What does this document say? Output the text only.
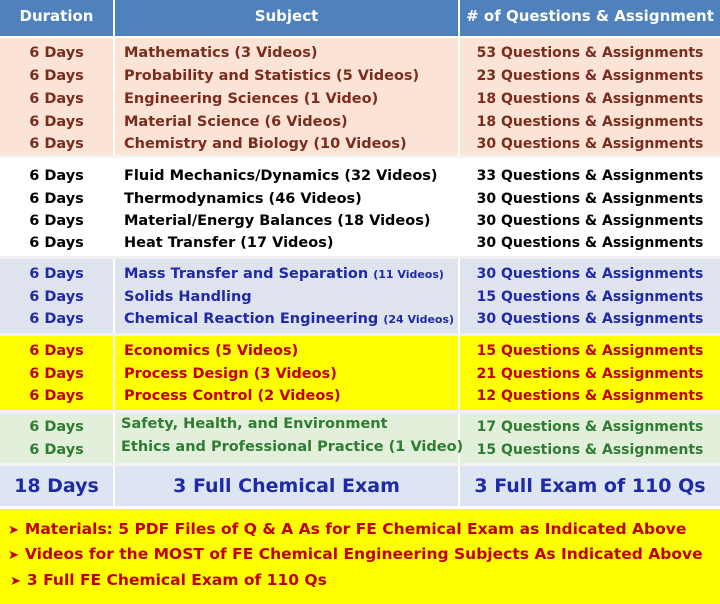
Duration	Subject	# of Questions & Assignment
6 Days	Mathematics (3 Videos)	53 Questions & Assignments
6 Days	Probability and Statistics (5 Videos)	23 Questions & Assignments
6 Days	Engineering Sciences (1 Video)	18 Questions & Assignments
6 Days	Material Science (6 Videos)	18 Questions & Assignments
6 Days	Chemistry and Biology (10 Videos)	30 Questions & Assignments
6 Days	Fluid Mechanics/Dynamics (32 Videos)	33 Questions & Assignments
6 Days	Thermodynamics (46 Videos)	30 Questions & Assignments
6 Days	Material/Energy Balances (18 Videos)	30 Questions & Assignments
6 Days	Heat Transfer (17 Videos)	30 Questions & Assignments
6 Days	Mass Transfer and Separation (11 Videos)	30 Questions & Assignments
6 Days	Solids Handling	15 Questions & Assignments
6 Days	Chemical Reaction Engineering (24 Videos)	30 Questions & Assignments
6 Days	Economics (5 Videos)	15 Questions & Assignments
6 Days	Process Design (3 Videos)	21 Questions & Assignments
6 Days	Process Control (2 Videos)	12 Questions & Assignments
6 Days	Safety, Health, and Environment	17 Questions & Assignments
6 Days	Ethics and Professional Practice (1 Video) 15 Questions & Assignments
18 Days	3 Full Chemical Exam	3 Full Exam of 110 Qs
➤ Materials: 5 PDF Files of Q & A As for FE Chemical Exam as Indicated Above
➤ Videos for the MOST of FE Chemical Engineering Subjects As Indicated Above
➤ 3 Full FE Chemical Exam of 110 Qs
